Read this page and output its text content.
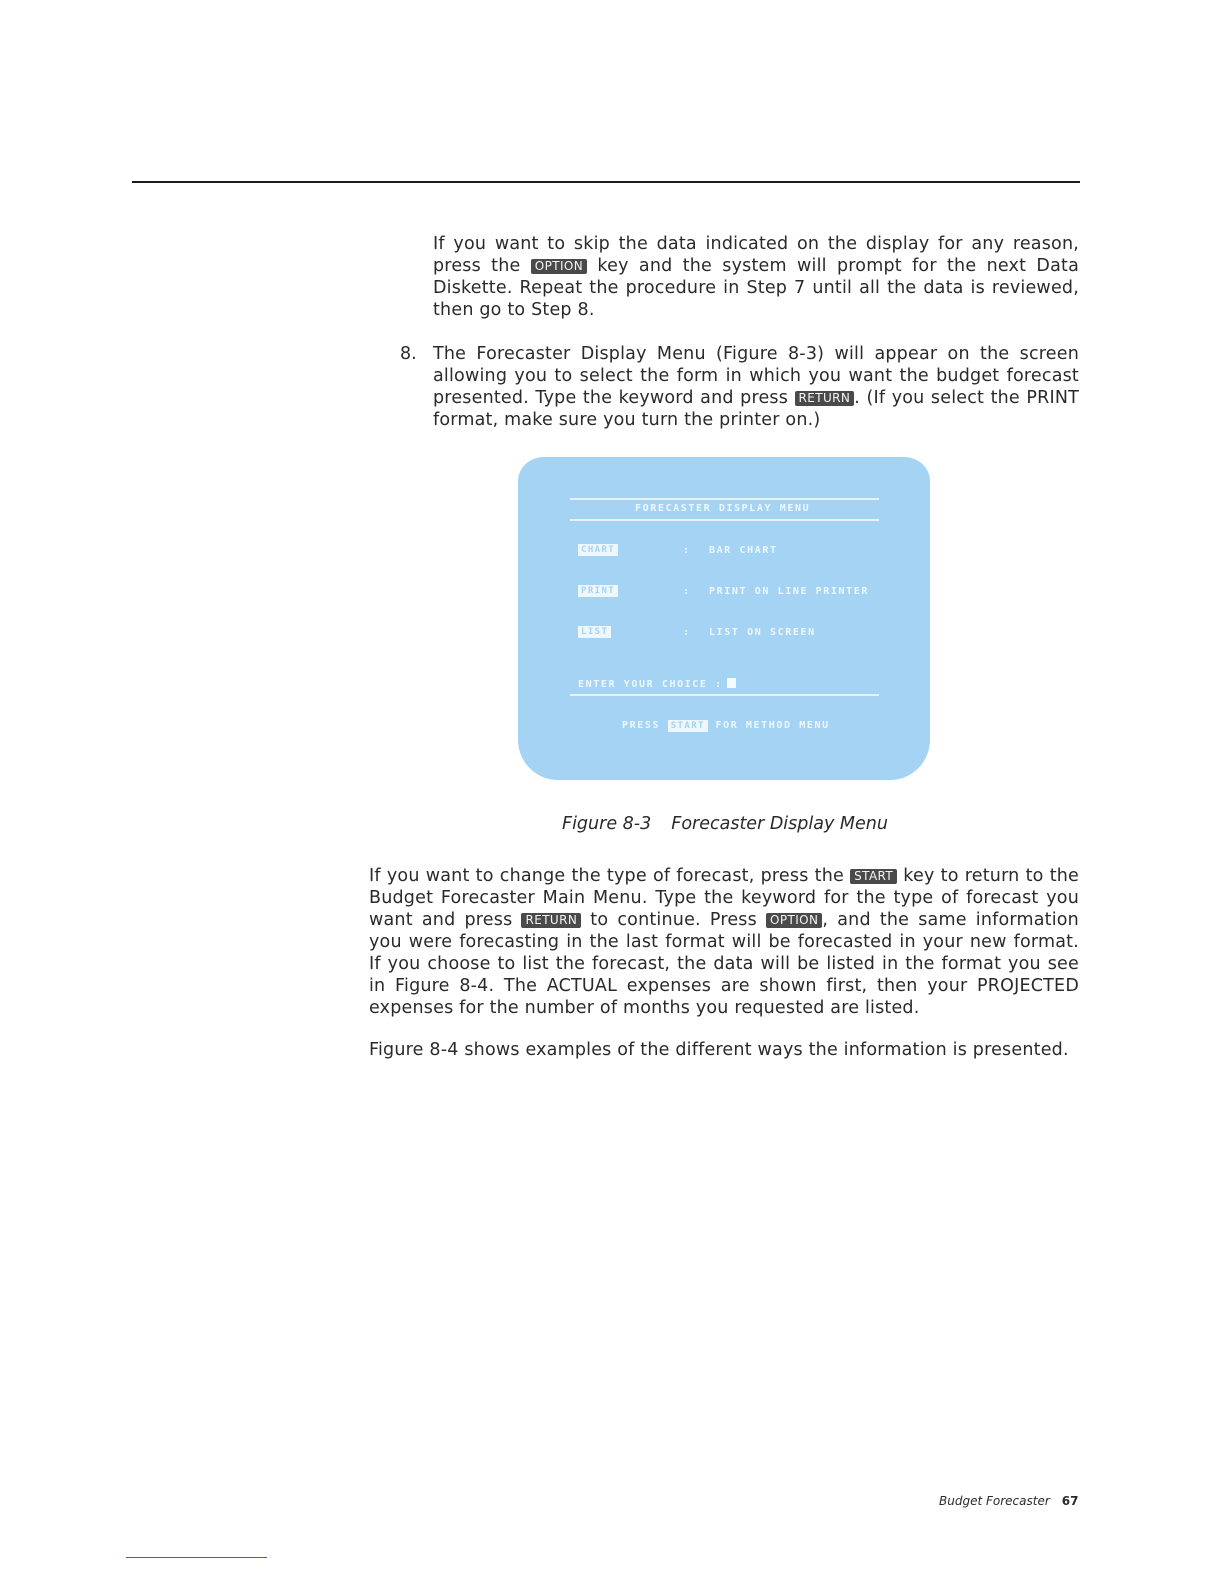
If you want to skip the data indicated on the display for any reason, press the OPTION key and the system will prompt for the next Data Diskette. Repeat the procedure in Step 7 until all the data is reviewed, then go to Step 8.

8. The Forecaster Display Menu (Figure 8-3) will appear on the screen allowing you to select the form in which you want the budget forecast presented. Type the keyword and press RETURN . (If you select the PRINT format, make sure you turn the printer on.)

FORECASTER DISPLAY MENU

CHART	: BAR CHART

PRINT	: PRINT ON LINE PRINTER

LIST	: LIST ON SCREEN

ENTER YOUR CHOICE :

PRESS START FOR METHOD MENU

Figure 8-3 Forecaster Display Menu

If you want to change the type of forecast, press the START key to return to the Budget Forecaster Main Menu. Type the keyword for the type of forecast you want and press RETURN to continue. Press OPTION , and the same information you were forecasting in the last format will be forecasted in your new format. If you choose to list the forecast, the data will be listed in the format you see in Figure 8-4. The ACTUAL expenses are shown first, then your PROJECTED expenses for the number of months you requested are listed.

Figure 8-4 shows examples of the different ways the information is presented.

Budget Forecaster 67
